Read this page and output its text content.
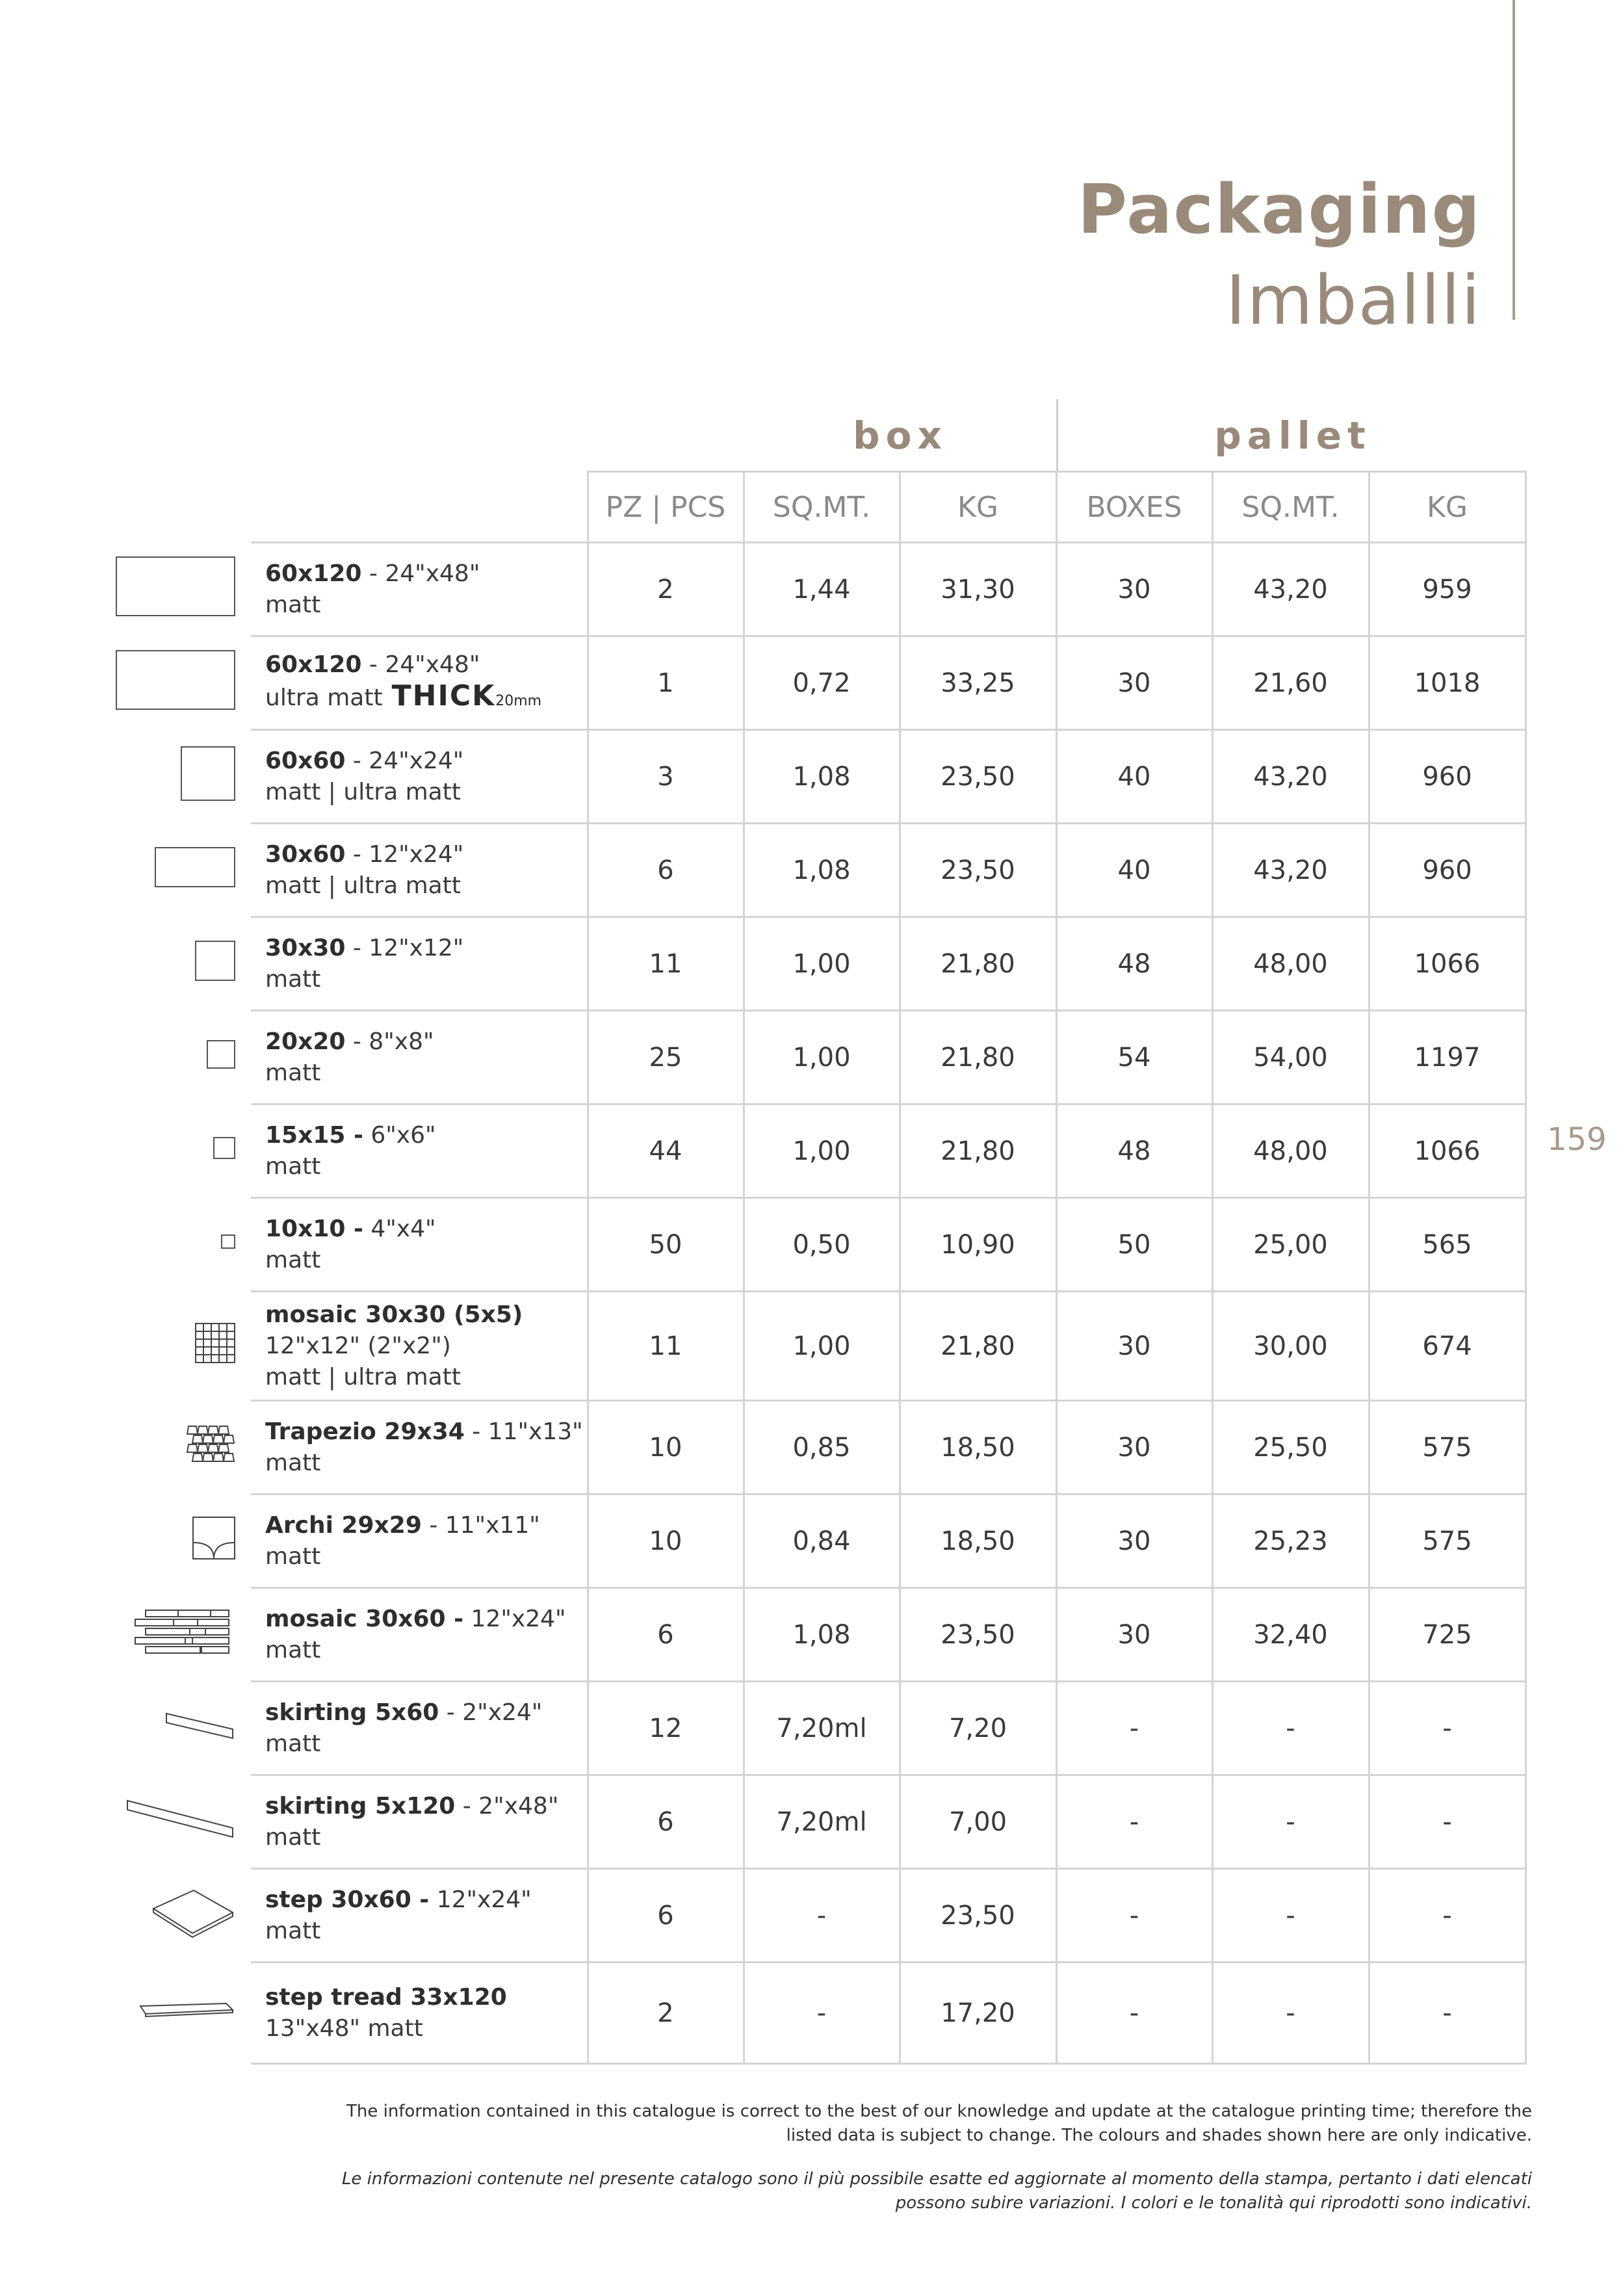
Packaging
Imballli
159
box	pallet
	PZ | PCS	SQ.MT.	KG	BOXES	SQ.MT.	KG
60x120 - 24"x48"
matt	2	1,44	31,30	30	43,20	959
60x120 - 24"x48"
ultra matt THICK20mm	1	0,72	33,25	30	21,60	1018
60x60 - 24"x24"
matt | ultra matt	3	1,08	23,50	40	43,20	960
30x60 - 12"x24"
matt | ultra matt	6	1,08	23,50	40	43,20	960
30x30 - 12"x12"
matt	11	1,00	21,80	48	48,00	1066
20x20 - 8"x8"
matt	25	1,00	21,80	54	54,00	1197
15x15 - 6"x6"
matt	44	1,00	21,80	48	48,00	1066
10x10 - 4"x4"
matt	50	0,50	10,90	50	25,00	565
mosaic 30x30 (5x5)
12"x12" (2"x2")
matt | ultra matt	11	1,00	21,80	30	30,00	674
Trapezio 29x34 - 11"x13"
matt	10	0,85	18,50	30	25,50	575
Archi 29x29 - 11"x11"
matt	10	0,84	18,50	30	25,23	575
mosaic 30x60 - 12"x24"
matt	6	1,08	23,50	30	32,40	725
skirting 5x60 - 2"x24"
matt	12	7,20ml	7,20	-	-	-
skirting 5x120 - 2"x48"
matt	6	7,20ml	7,00	-	-	-
step 30x60 - 12"x24"
matt	6	-	23,50	-	-	-
step tread 33x120
13"x48" matt	2	-	17,20	-	-	-

The information contained in this catalogue is correct to the best of our knowledge and update at the catalogue printing time; therefore the listed data is subject to change. The colours and shades shown here are only indicative.

Le informazioni contenute nel presente catalogo sono il più possibile esatte ed aggiornate al momento della stampa, pertanto i dati elencati possono subire variazioni. I colori e le tonalità qui riprodotti sono indicativi.
